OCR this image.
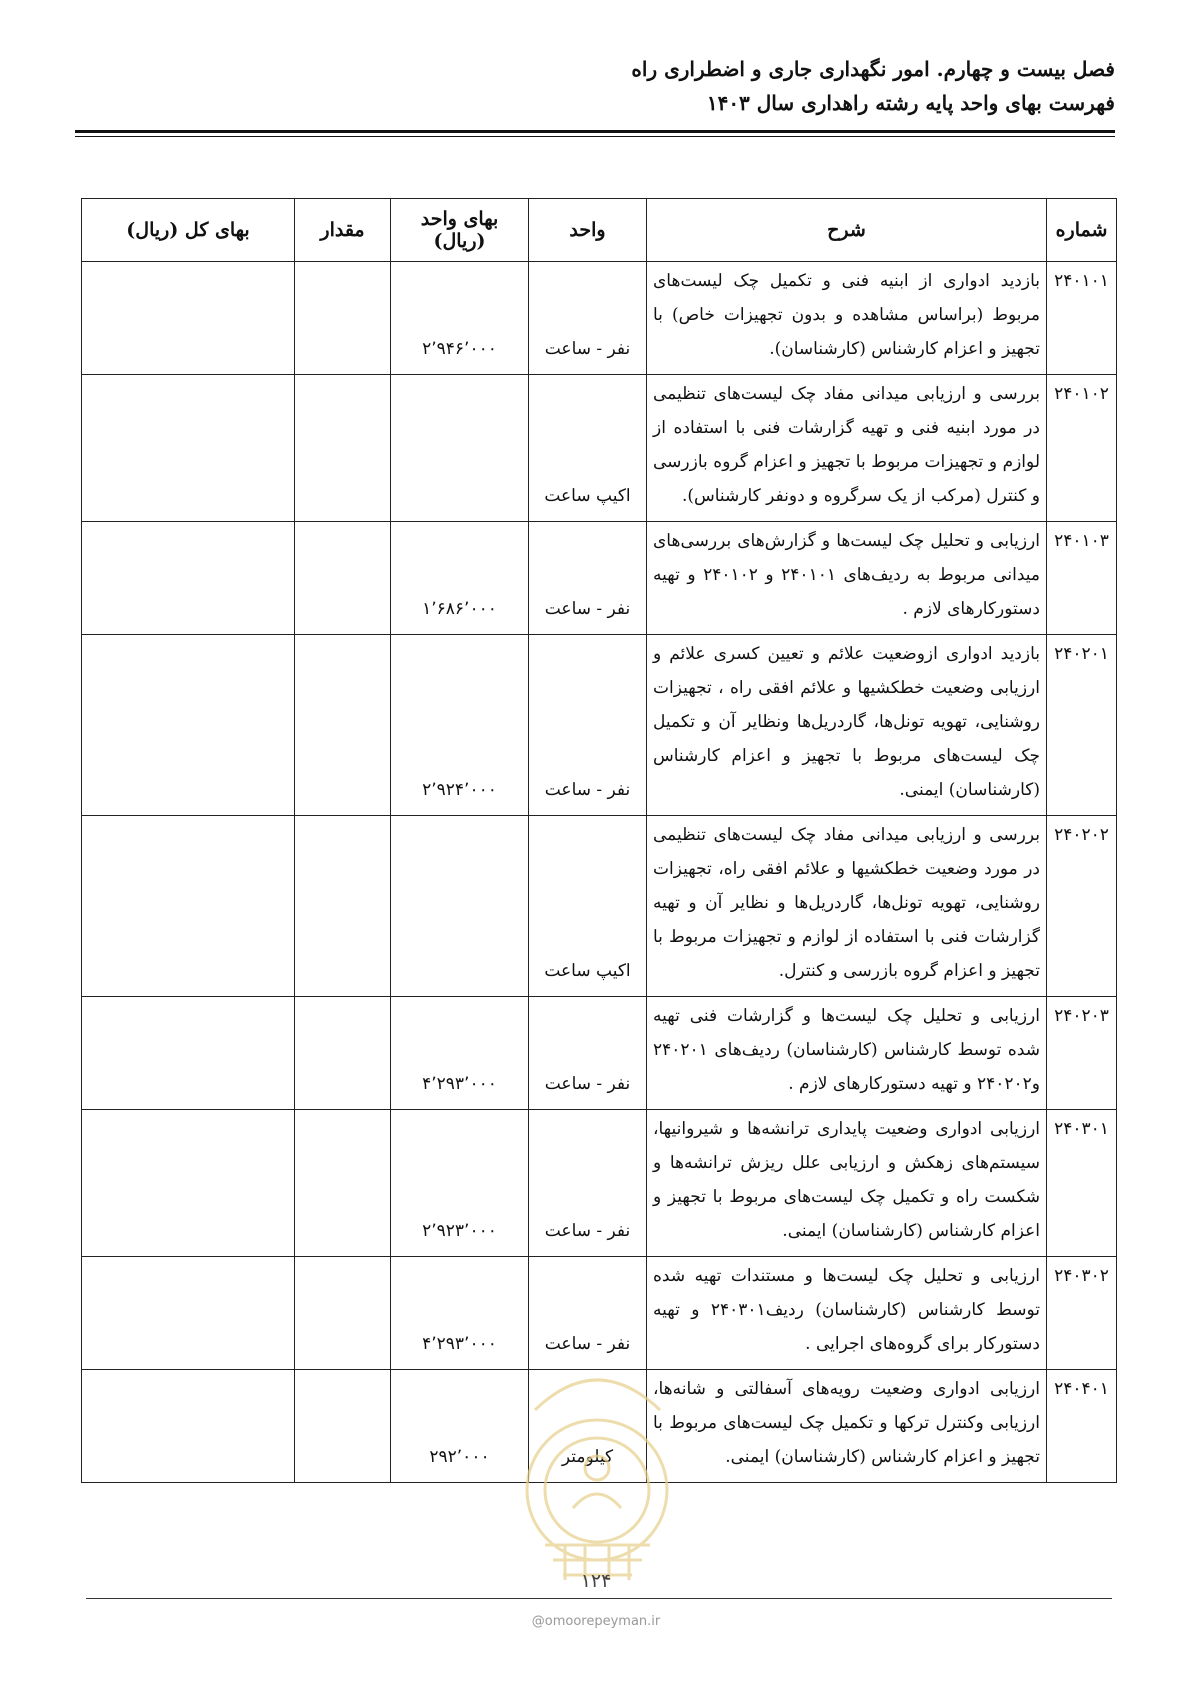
فصل بیست و چهارم. امور نگهداری جاری و اضطراری راه
فهرست بهای واحد پایه رشته راهداری سال ۱۴۰۳
شماره	شرح	واحد	بهای واحد (ریال)	مقدار	بهای کل (ریال)
۲۴۰۱۰۱	بازدید ادواری از ابنیه فنی و تکمیل چک لیست‌های مربوط (براساس مشاهده و بدون تجهیزات خاص) با تجهیز و اعزام کارشناس (کارشناسان).	نفر - ساعت	۲٬۹۴۶٬۰۰۰		
۲۴۰۱۰۲	بررسی و ارزیابی میدانی مفاد چک لیست‌های تنظیمی در مورد ابنیه فنی و تهیه گزارشات فنی با استفاده از لوازم و تجهیزات مربوط با تجهیز و اعزام گروه بازرسی و کنترل (مرکب از یک سرگروه و دونفر کارشناس).	اکیپ ساعت			
۲۴۰۱۰۳	ارزیابی و تحلیل چک لیست‌ها و گزارش‌های بررسی‌های میدانی مربوط به ردیف‌های ۲۴۰۱۰۱ و ۲۴۰۱۰۲ و تهیه دستورکارهای لازم .	نفر - ساعت	۱٬۶۸۶٬۰۰۰		
۲۴۰۲۰۱	بازدید ادواری ازوضعیت علائم و تعیین کسری علائم و ارزیابی وضعیت خطکشیها و علائم افقی راه ، تجهیزات روشنایی، تهویه تونل‌ها، گاردریل‌ها ونظایر آن و تکمیل چک لیست‌های مربوط با تجهیز و اعزام کارشناس (کارشناسان) ایمنی.	نفر - ساعت	۲٬۹۲۴٬۰۰۰		
۲۴۰۲۰۲	بررسی و ارزیابی میدانی مفاد چک لیست‌های تنظیمی در مورد وضعیت خطکشیها و علائم افقی راه، تجهیزات روشنایی، تهویه تونل‌ها، گاردریل‌ها و نظایر آن و تهیه گزارشات فنی با استفاده از لوازم و تجهیزات مربوط با تجهیز و اعزام گروه بازرسی و کنترل.	اکیپ ساعت			
۲۴۰۲۰۳	ارزیابی و تحلیل چک لیست‌ها و گزارشات فنی تهیه شده توسط کارشناس (کارشناسان) ردیف‌های ۲۴۰۲۰۱ و۲۴۰۲۰۲ و تهیه دستورکارهای لازم .	نفر - ساعت	۴٬۲۹۳٬۰۰۰		
۲۴۰۳۰۱	ارزیابی ادواری وضعیت پایداری ترانشه‌ها و شیروانیها، سیستم‌های زهکش و ارزیابی علل ریزش ترانشه‌ها و شکست راه و تکمیل چک لیست‌های مربوط با تجهیز و اعزام کارشناس (کارشناسان) ایمنی.	نفر - ساعت	۲٬۹۲۳٬۰۰۰		
۲۴۰۳۰۲	ارزیابی و تحلیل چک لیست‌ها و مستندات تهیه شده توسط کارشناس (کارشناسان) ردیف۲۴۰۳۰۱ و تهیه دستورکار برای گروه‌های اجرایی .	نفر - ساعت	۴٬۲۹۳٬۰۰۰		
۲۴۰۴۰۱	ارزیابی ادواری وضعیت رویه‌های آسفالتی و شانه‌ها، ارزیابی وکنترل ترکها و تکمیل چک لیست‌های مربوط با تجهیز و اعزام کارشناس (کارشناسان) ایمنی.	کیلومتر	۲۹۲٬۰۰۰		
۱۲۴
@omoorepeyman.ir
